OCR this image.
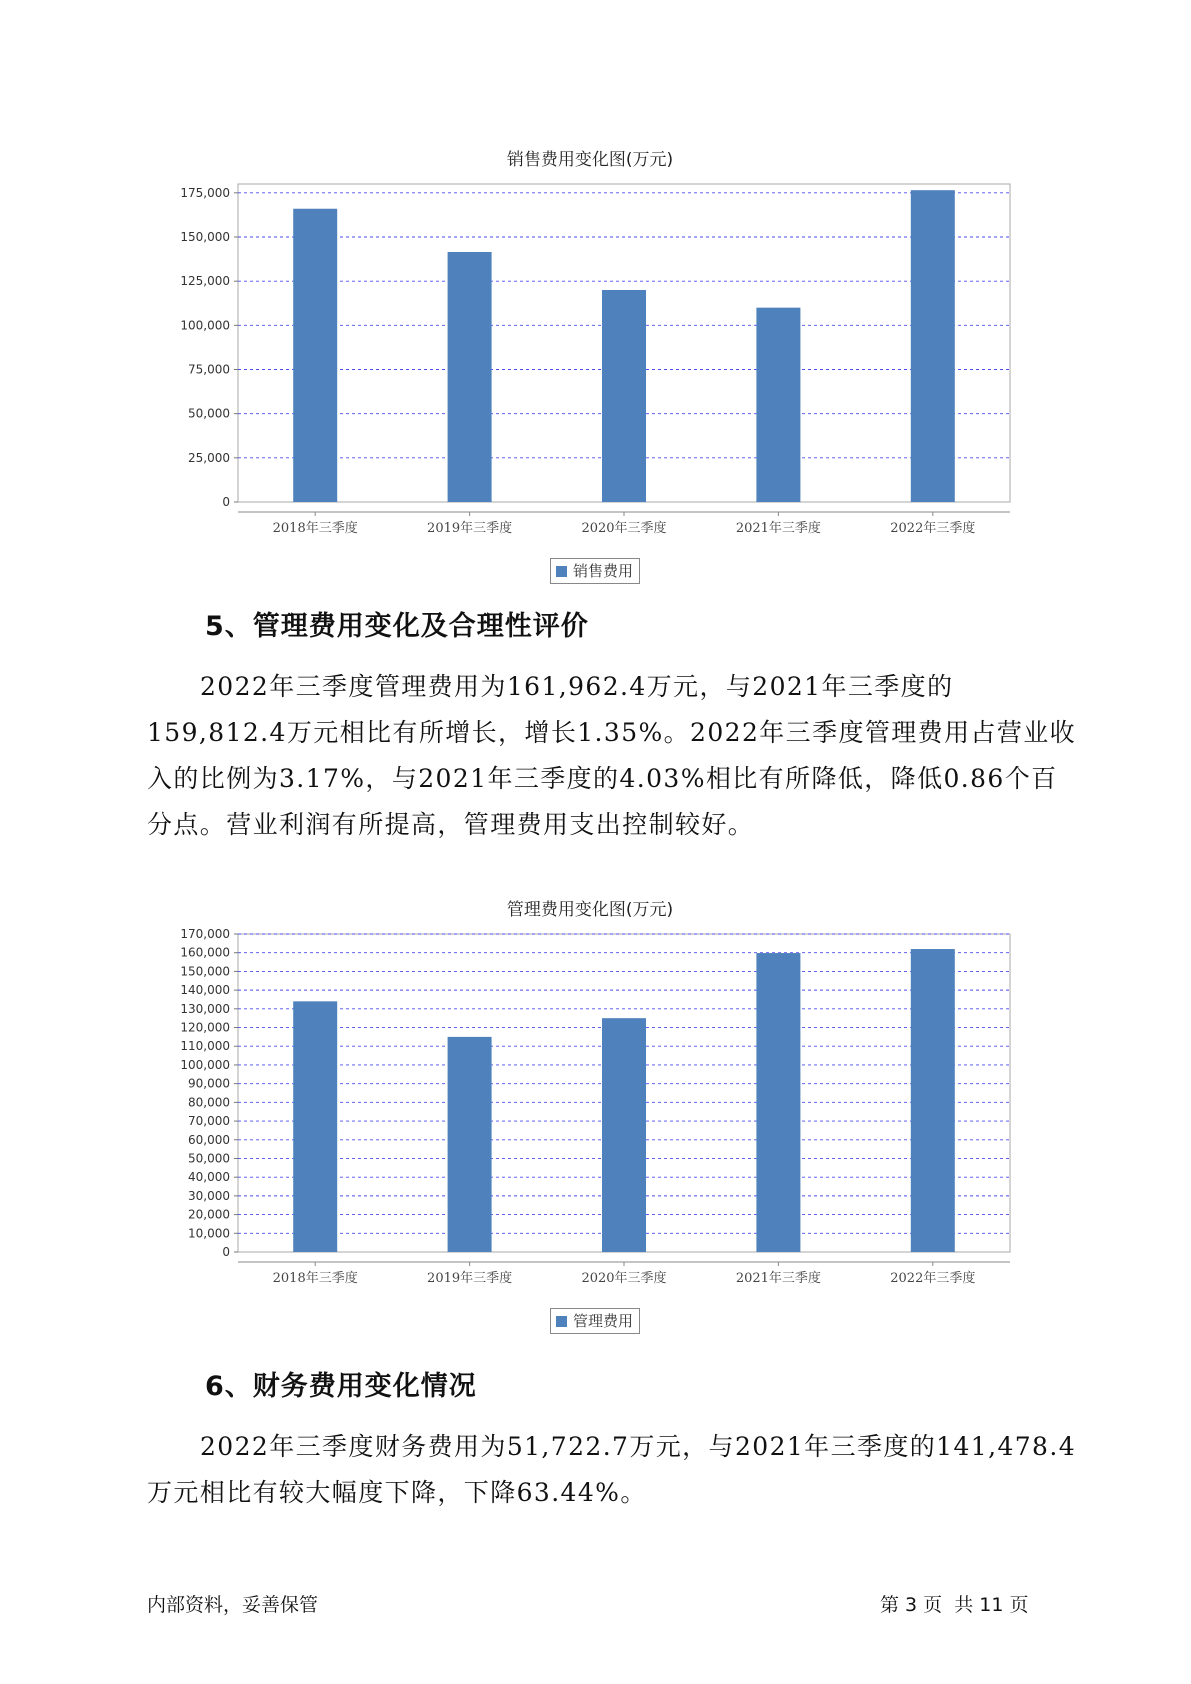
销售费用变化图(万元)
0
25,000
50,000
75,000
100,000
125,000
150,000
175,000
2018年三季度	2019年三季度	2020年三季度	2021年三季度	2022年三季度
销售费用
5、管理费用变化及合理性评价

2022年三季度管理费用为161,962.4万元，与2021年三季度的159,812.4万元相比有所增长，增长1.35%。2022年三季度管理费用占营业收入的比例为3.17%，与2021年三季度的4.03%相比有所降低，降低0.86个百分点。营业利润有所提高，管理费用支出控制较好。

管理费用变化图(万元)
0
10,000
20,000
30,000
40,000
50,000
60,000
70,000
80,000
90,000
100,000
110,000
120,000
130,000
140,000
150,000
160,000
170,000
2018年三季度	2019年三季度	2020年三季度	2021年三季度	2022年三季度
管理费用
6、财务费用变化情况

2022年三季度财务费用为51,722.7万元，与2021年三季度的141,478.4万元相比有较大幅度下降，下降63.44%。

内部资料，妥善保管	第 3 页  共 11 页
